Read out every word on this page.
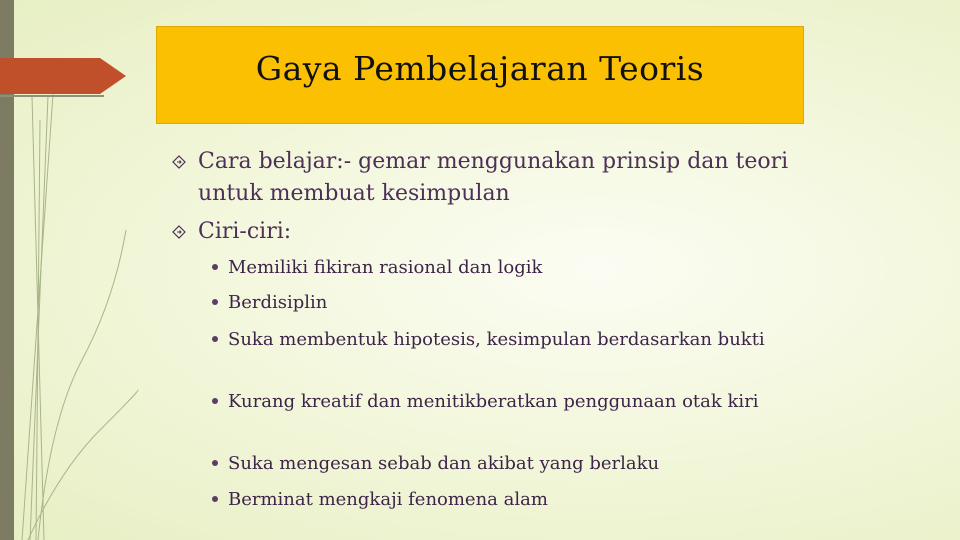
Gaya Pembelajaran Teoris
Cara belajar:- gemar menggunakan prinsip dan teori untuk membuat kesimpulan
Ciri-ciri:
Memiliki fikiran rasional dan logik
Berdisiplin
Suka membentuk hipotesis, kesimpulan berdasarkan bukti
Kurang kreatif dan menitikberatkan penggunaan otak kiri
Suka mengesan sebab dan akibat yang berlaku
Berminat mengkaji fenomena alam
